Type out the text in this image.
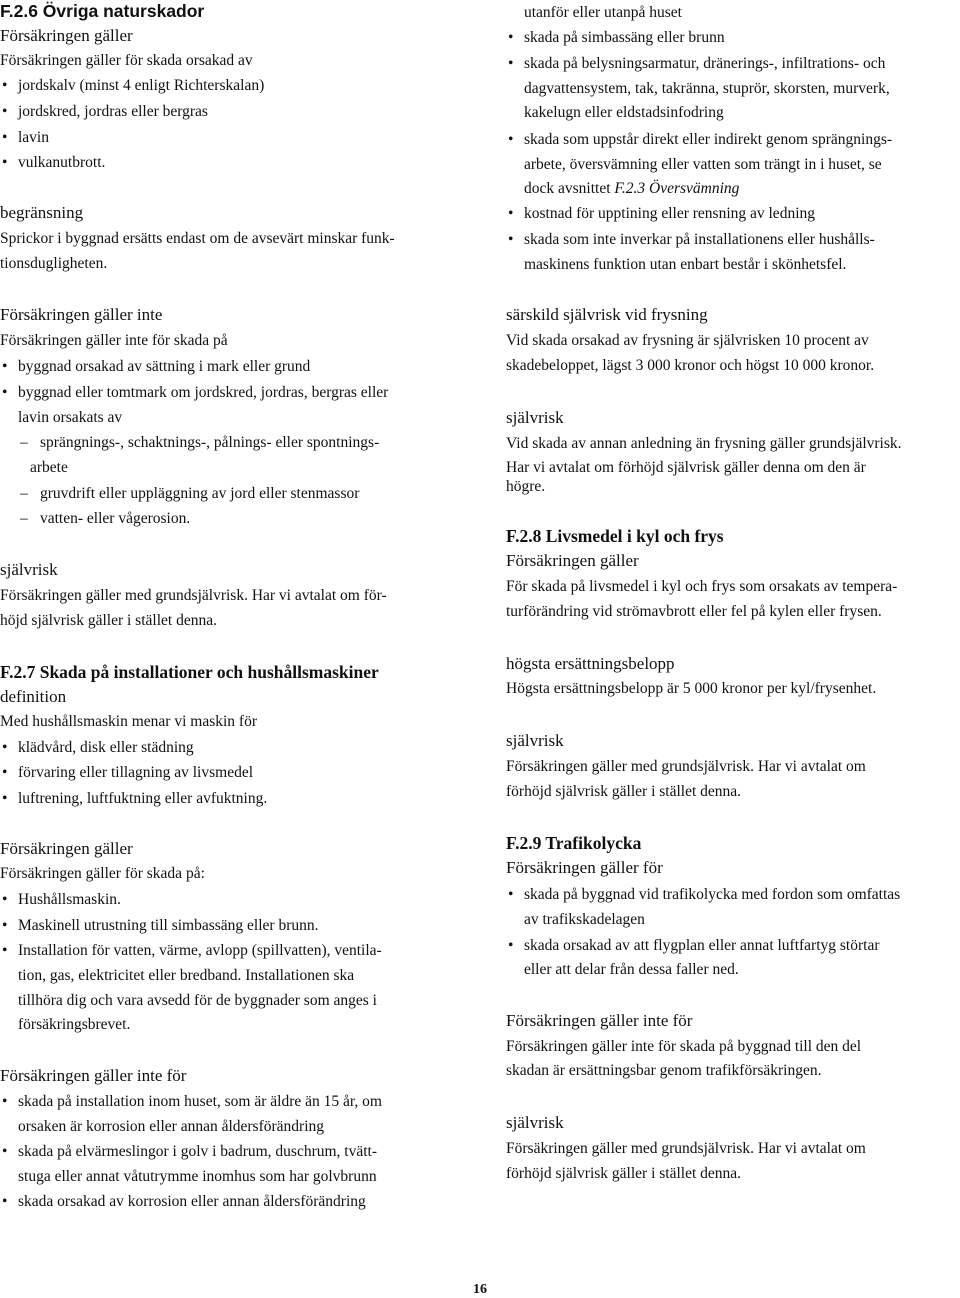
F.2.6 Övriga naturskador
Försäkringen gäller
Försäkringen gäller för skada orsakad av
• jordskalv (minst 4 enligt Richterskalan)
• jordskred, jordras eller bergras
• lavin
• vulkanutbrott.
begränsning
Sprickor i byggnad ersätts endast om de avsevärt minskar funk-
tionsdugligheten.
Försäkringen gäller inte
Försäkringen gäller inte för skada på
• byggnad orsakad av sättning i mark eller grund
• byggnad eller tomtmark om jordskred, jordras, bergras eller
lavin orsakats av
– sprängnings-, schaktnings-, pålnings- eller spontnings-
arbete
– gruvdrift eller uppläggning av jord eller stenmassor
– vatten- eller vågerosion.
självrisk
Försäkringen gäller med grundsjälvrisk. Har vi avtalat om för-
höjd självrisk gäller i stället denna.
F.2.7 Skada på installationer och hushållsmaskiner
definition
Med hushållsmaskin menar vi maskin för
• klädvård, disk eller städning
• förvaring eller tillagning av livsmedel
• luftrening, luftfuktning eller avfuktning.
Försäkringen gäller
Försäkringen gäller för skada på:
• Hushållsmaskin.
• Maskinell utrustning till simbassäng eller brunn.
• Installation för vatten, värme, avlopp (spillvatten), ventila-
tion, gas, elektricitet eller bredband. Installationen ska
tillhöra dig och vara avsedd för de byggnader som anges i
försäkringsbrevet.
Försäkringen gäller inte för
• skada på installation inom huset, som är äldre än 15 år, om
orsaken är korrosion eller annan åldersförändring
• skada på elvärmeslingor i golv i badrum, duschrum, tvätt-
stuga eller annat våtutrymme inomhus som har golvbrunn
• skada orsakad av korrosion eller annan åldersförändring
utanför eller utanpå huset
• skada på simbassäng eller brunn
• skada på belysningsarmatur, dränerings-, infiltrations- och
dagvattensystem, tak, takränna, stuprör, skorsten, murverk,
kakelugn eller eldstadsinfodring
• skada som uppstår direkt eller indirekt genom sprängnings-
arbete, översvämning eller vatten som trängt in i huset, se
dock avsnittet F.2.3 Översvämning
• kostnad för upptining eller rensning av ledning
• skada som inte inverkar på installationens eller hushålls-
maskinens funktion utan enbart består i skönhetsfel.
särskild självrisk vid frysning
Vid skada orsakad av frysning är självrisken 10 procent av
skadebeloppet, lägst 3 000 kronor och högst 10 000 kronor.
självrisk
Vid skada av annan anledning än frysning gäller grundsjälvrisk.
Har vi avtalat om förhöjd självrisk gäller denna om den är
högre.
F.2.8 Livsmedel i kyl och frys
Försäkringen gäller
För skada på livsmedel i kyl och frys som orsakats av tempera-
turförändring vid strömavbrott eller fel på kylen eller frysen.
högsta ersättningsbelopp
Högsta ersättningsbelopp är 5 000 kronor per kyl/frysenhet.
självrisk
Försäkringen gäller med grundsjälvrisk. Har vi avtalat om
förhöjd självrisk gäller i stället denna.
F.2.9 Trafikolycka
Försäkringen gäller för
• skada på byggnad vid trafikolycka med fordon som omfattas
av trafikskadelagen
• skada orsakad av att flygplan eller annat luftfartyg störtar
eller att delar från dessa faller ned.
Försäkringen gäller inte för
Försäkringen gäller inte för skada på byggnad till den del
skadan är ersättningsbar genom trafikförsäkringen.
självrisk
Försäkringen gäller med grundsjälvrisk. Har vi avtalat om
förhöjd självrisk gäller i stället denna.
16
